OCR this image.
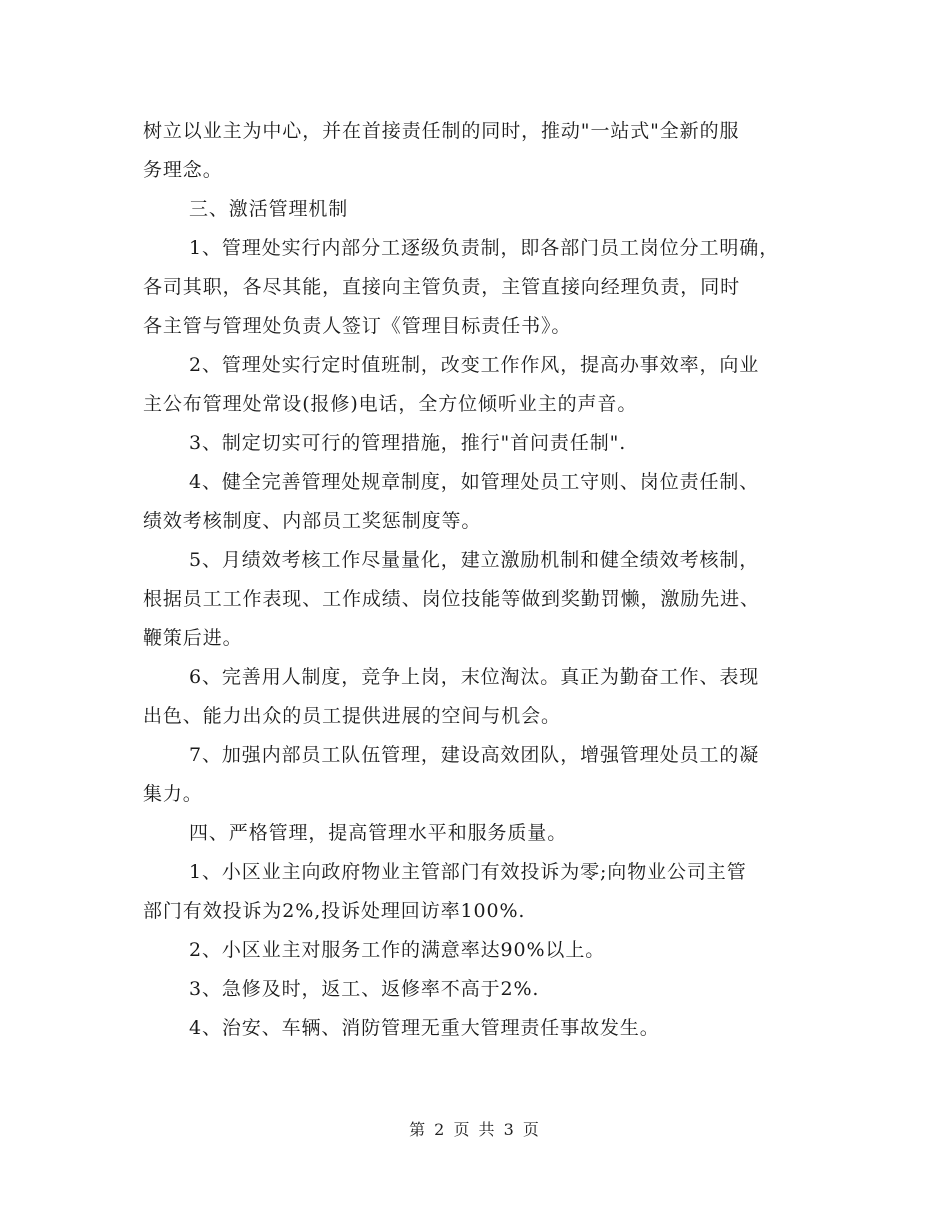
树立以业主为中心，并在首接责任制的同时，推动"一站式"全新的服
务理念。
三、激活管理机制
1、管理处实行内部分工逐级负责制，即各部门员工岗位分工明确，
各司其职，各尽其能，直接向主管负责，主管直接向经理负责，同时
各主管与管理处负责人签订《管理目标责任书》。
2、管理处实行定时值班制，改变工作作风，提高办事效率，向业
主公布管理处常设(报修)电话，全方位倾听业主的声音。
3、制定切实可行的管理措施，推行"首问责任制".
4、健全完善管理处规章制度，如管理处员工守则、岗位责任制、
绩效考核制度、内部员工奖惩制度等。
5、月绩效考核工作尽量量化，建立激励机制和健全绩效考核制，
根据员工工作表现、工作成绩、岗位技能等做到奖勤罚懒，激励先进、
鞭策后进。
6、完善用人制度，竞争上岗，末位淘汰。真正为勤奋工作、表现
出色、能力出众的员工提供进展的空间与机会。
7、加强内部员工队伍管理，建设高效团队，增强管理处员工的凝
集力。
四、严格管理，提高管理水平和服务质量。
1、小区业主向政府物业主管部门有效投诉为零;向物业公司主管
部门有效投诉为2%,投诉处理回访率100%.
2、小区业主对服务工作的满意率达90%以上。
3、急修及时，返工、返修率不高于2%.
4、治安、车辆、消防管理无重大管理责任事故发生。
第 2 页 共 3 页
